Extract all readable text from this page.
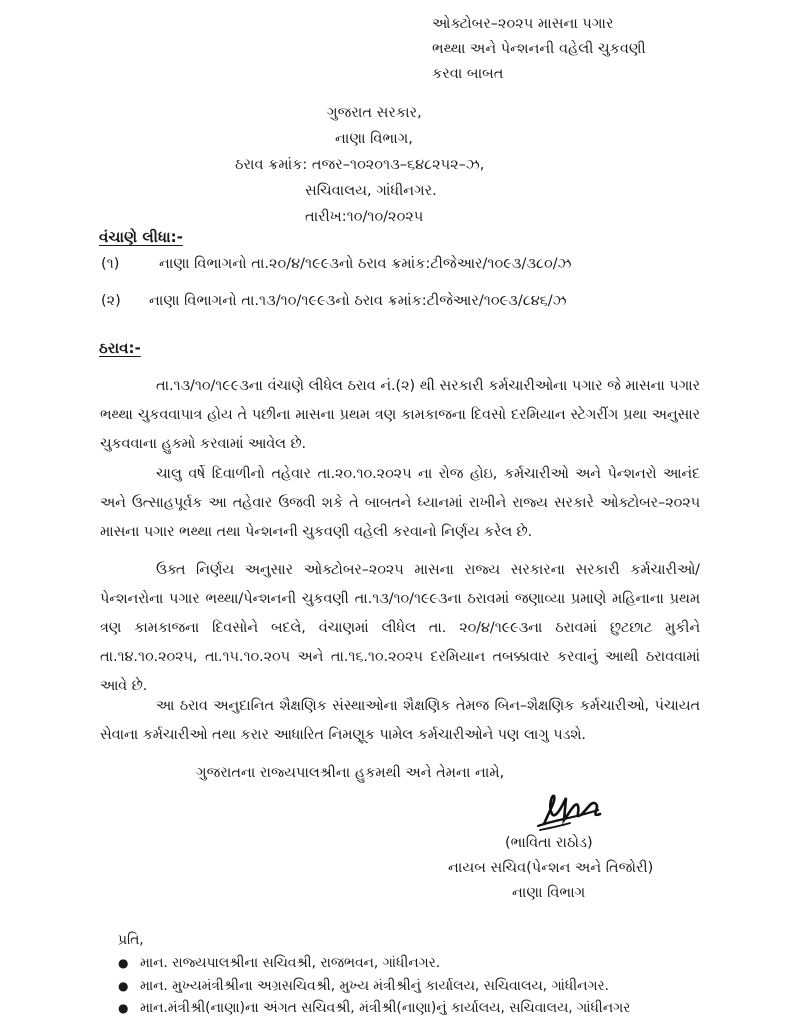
ઓક્ટોબર–૨૦૨૫ માસના પગાર
ભથ્થા અને પેન્શનની વહેલી ચુકવણી
કરવા બાબત
ગુજરાત સરકાર,
નાણા વિભાગ,
ઠરાવ ક્રમાંક: તજર–૧૦૨૦૧૩–૬૪૮૨૫૨–ઝ,
સચિવાલય, ગાંધીનગર.
તારીખ:૧૦/૧૦/૨૦૨૫
વંચાણે લીધા:-
(૧)	નાણા વિભાગનો તા.૨૦/૪/૧૯૯૩નો ઠરાવ ક્રમાંક:ટીજેઆર/૧૦૯૩/૩૮૦/ઝ
(૨) નાણા વિભાગનો તા.૧૩/૧૦/૧૯૯૩નો ઠરાવ ક્રમાંક:ટીજેઆર/૧૦૯૩/૮૪૬/ઝ
ઠરાવ:-

તા.૧૩/૧૦/૧૯૯૩ના વંચાણે લીધેલ ઠરાવ નં.(૨) થી સરકારી કર્મચારીઓના પગાર જે માસના પગાર ભથ્થા ચુકવવાપાત્ર હોય તે પછીના માસના પ્રથમ ત્રણ કામકાજના દિવસો દરમિયાન સ્ટેગરીંગ પ્રથા અનુસાર ચુકવવાના હુકમો કરવામાં આવેલ છે.

ચાલુ વર્ષે દિવાળીનો તહેવાર તા.૨૦.૧૦.૨૦૨૫ ના રોજ હોઇ, કર્મચારીઓ અને પેન્શનરો આનંદ અને ઉત્સાહપૂર્વક આ તહેવાર ઉજવી શકે તે બાબતને ધ્યાનમાં રાખીને રાજ્ય સરકારે ઓક્ટોબર–૨૦૨૫ માસના પગાર ભથ્થા તથા પેન્શનની ચુકવણી વહેલી કરવાનો નિર્ણય કરેલ છે.

ઉક્ત નિર્ણય અનુસાર ઓક્ટોબર–૨૦૨૫ માસના રાજ્ય સરકારના સરકારી કર્મચારીઓ/ પેન્શનરોના પગાર ભથ્થા/પેન્શનની ચુકવણી તા.૧૩/૧૦/૧૯૯૩ના ઠરાવમાં જણાવ્યા પ્રમાણે મહિનાના પ્રથમ ત્રણ કામકાજના દિવસોને બદલે, વંચાણમાં લીધેલ તા. ૨૦/૪/૧૯૯૩ના ઠરાવમાં છુટછાટ મુકીને તા.૧૪.૧૦.૨૦૨૫, તા.૧૫.૧૦.૨૦૫ અને તા.૧૬.૧૦.૨૦૨૫ દરમિયાન તબક્કાવાર કરવાનું આથી ઠરાવવામાં આવે છે.

આ ઠરાવ અનુદાનિત શૈક્ષણિક સંસ્થાઓના શૈક્ષણિક તેમજ બિન–શૈક્ષણિક કર્મચારીઓ, પંચાયત સેવાના કર્મચારીઓ તથા કરાર આધારિત નિમણૂક પામેલ કર્મચારીઓને પણ લાગુ પડશે.

ગુજરાતના રાજ્યપાલશ્રીના હુકમથી અને તેમના નામે,
(ભાવિતા રાઠોડ)
નાયબ સચિવ(પેન્શન અને તિજોરી)
નાણા વિભાગ
પ્રતિ,
● માન. રાજ્યપાલશ્રીના સચિવશ્રી, રાજભવન, ગાંધીનગર.
● માન. મુખ્યમંત્રીશ્રીના અગ્રસચિવશ્રી, મુખ્ય મંત્રીશ્રીનું કાર્યાલય, સચિવાલય, ગાંધીનગર.
● માન.મંત્રીશ્રી(નાણા)ના અંગત સચિવશ્રી, મંત્રીશ્રી(નાણા)નું કાર્યાલય, સચિવાલય, ગાંધીનગર
